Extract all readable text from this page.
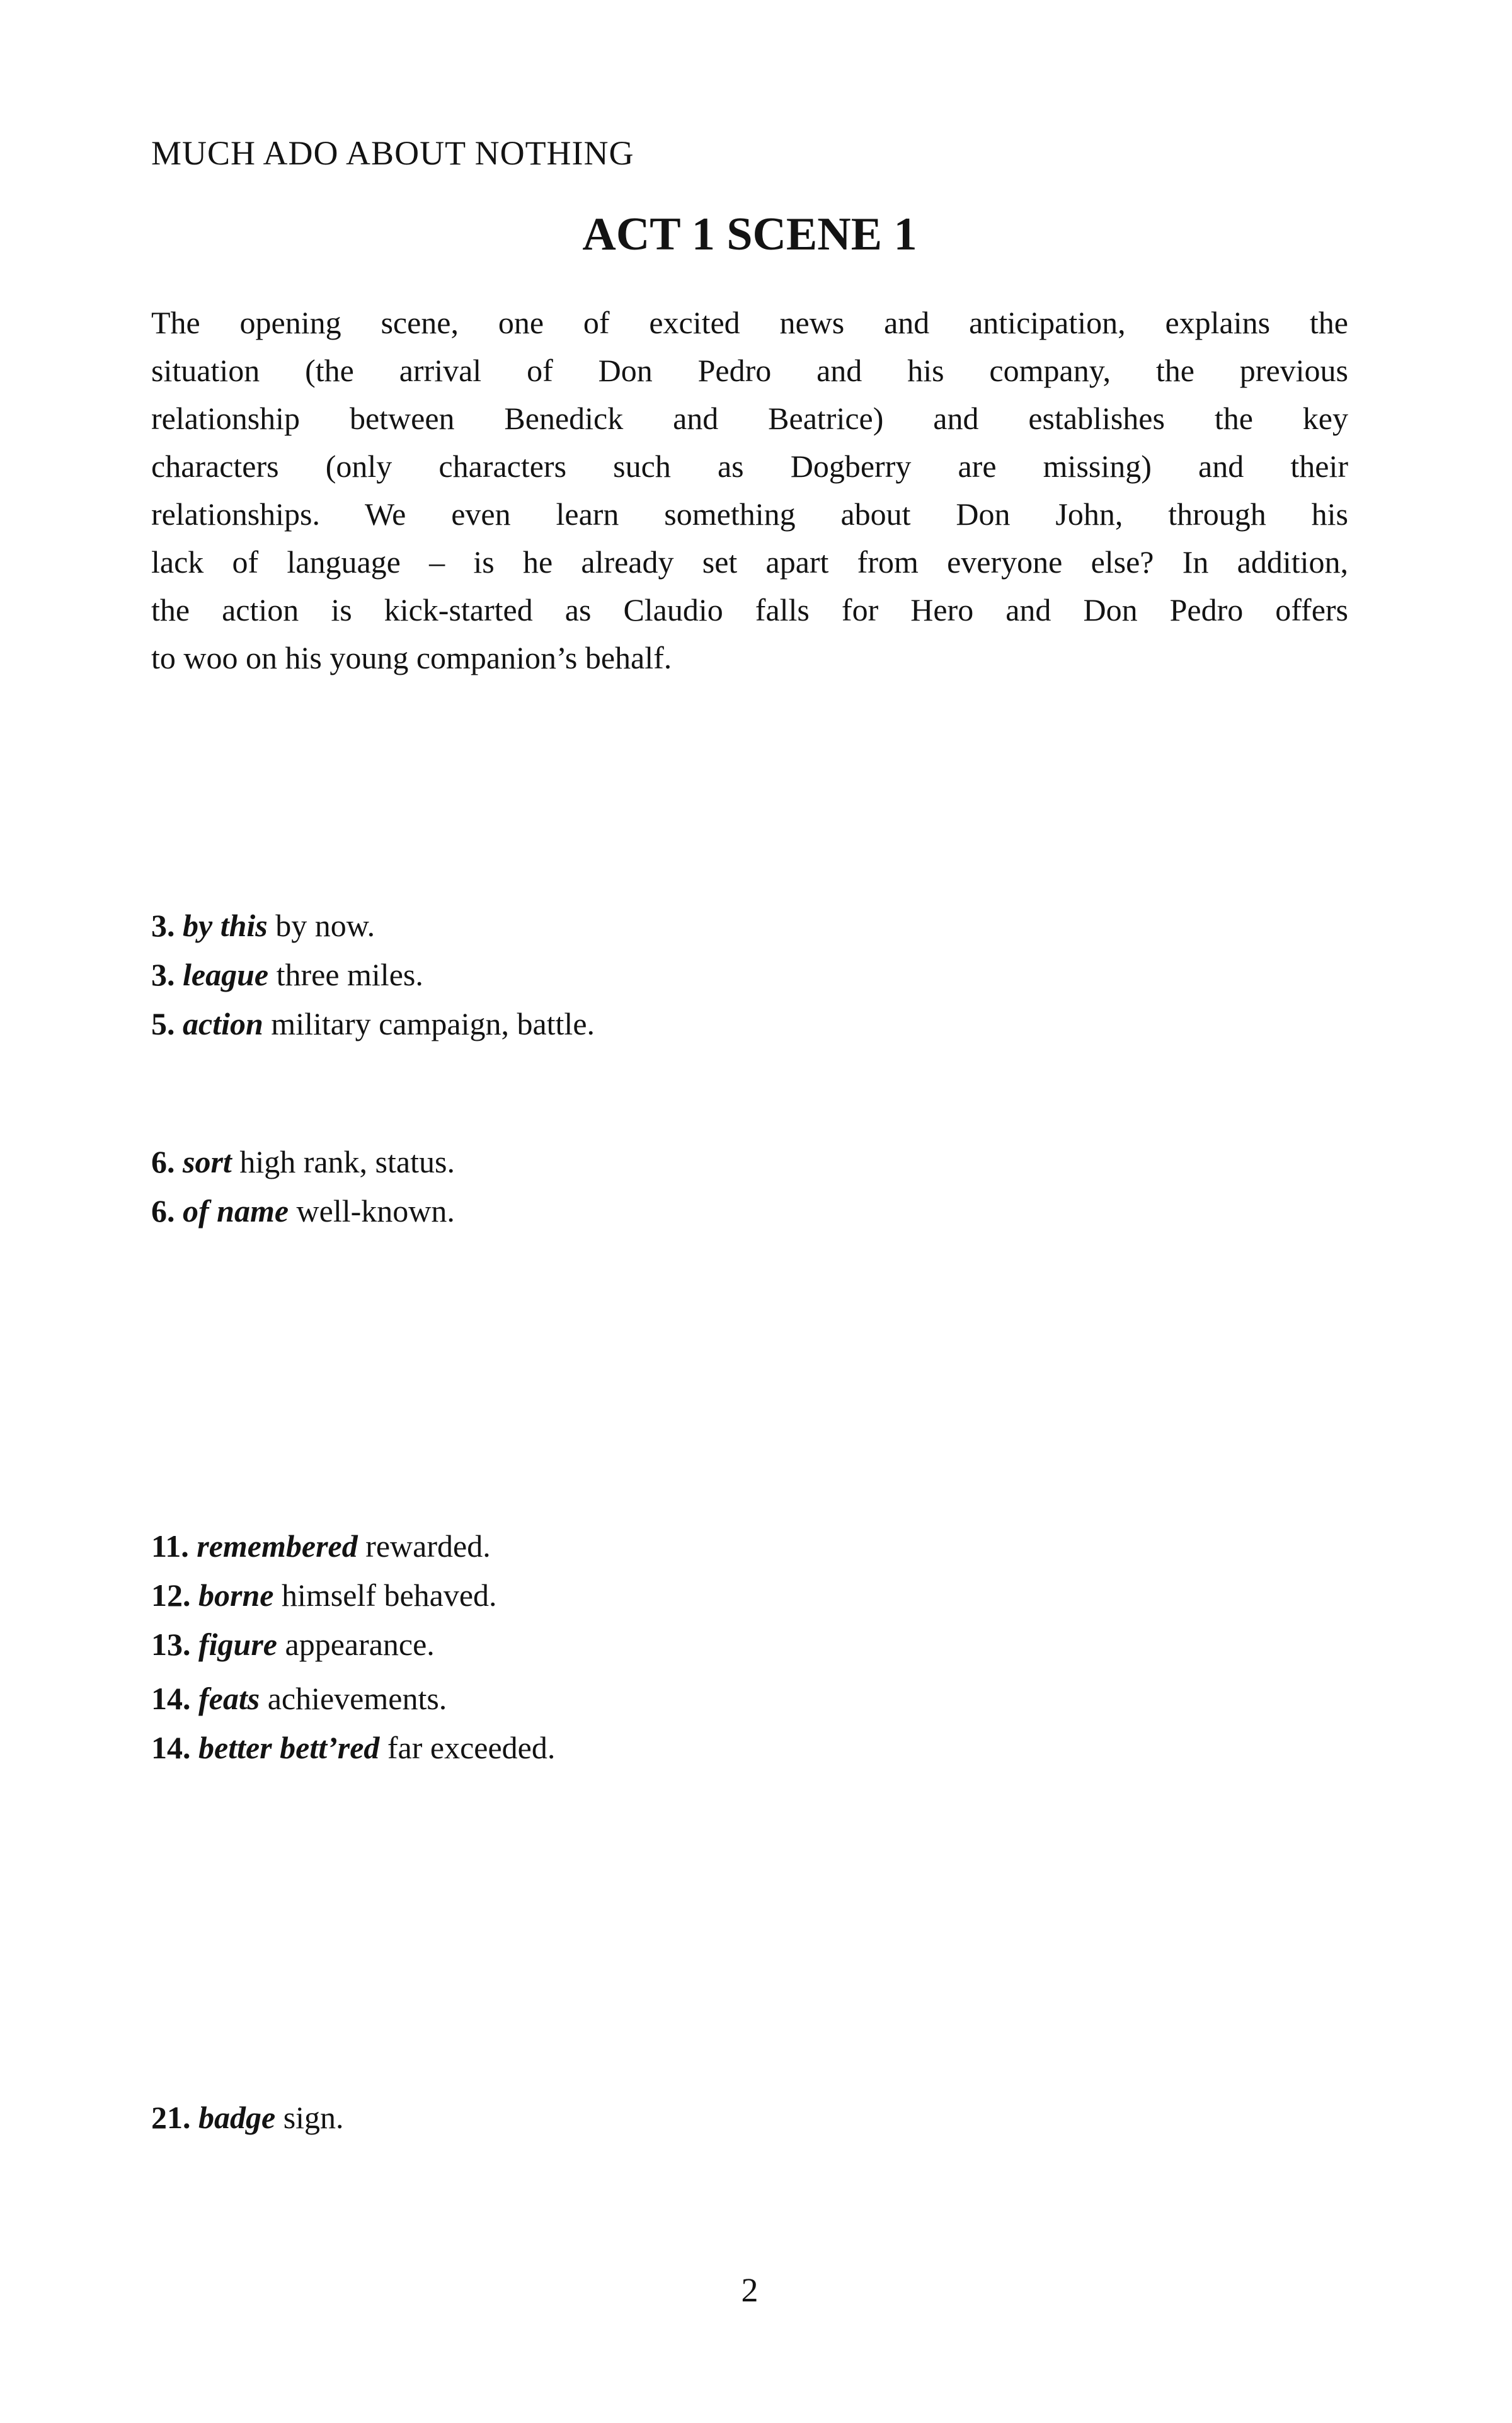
MUCH ADO ABOUT NOTHING
ACT 1 SCENE 1
The opening scene, one of excited news and anticipation, explains the
situation (the arrival of Don Pedro and his company, the previous
relationship between Benedick and Beatrice) and establishes the key
characters (only characters such as Dogberry are missing) and their
relationships. We even learn something about Don John, through his
lack of language – is he already set apart from everyone else? In addition,
the action is kick-started as Claudio falls for Hero and Don Pedro offers
to woo on his young companion’s behalf.
3. by this by now.
3. league three miles.
5. action military campaign, battle.
6. sort high rank, status.
6. of name well-known.
11. remembered rewarded.
12. borne himself behaved.
13. figure appearance.
14. feats achievements.
14. better bett’red far exceeded.
21. badge sign.
2
